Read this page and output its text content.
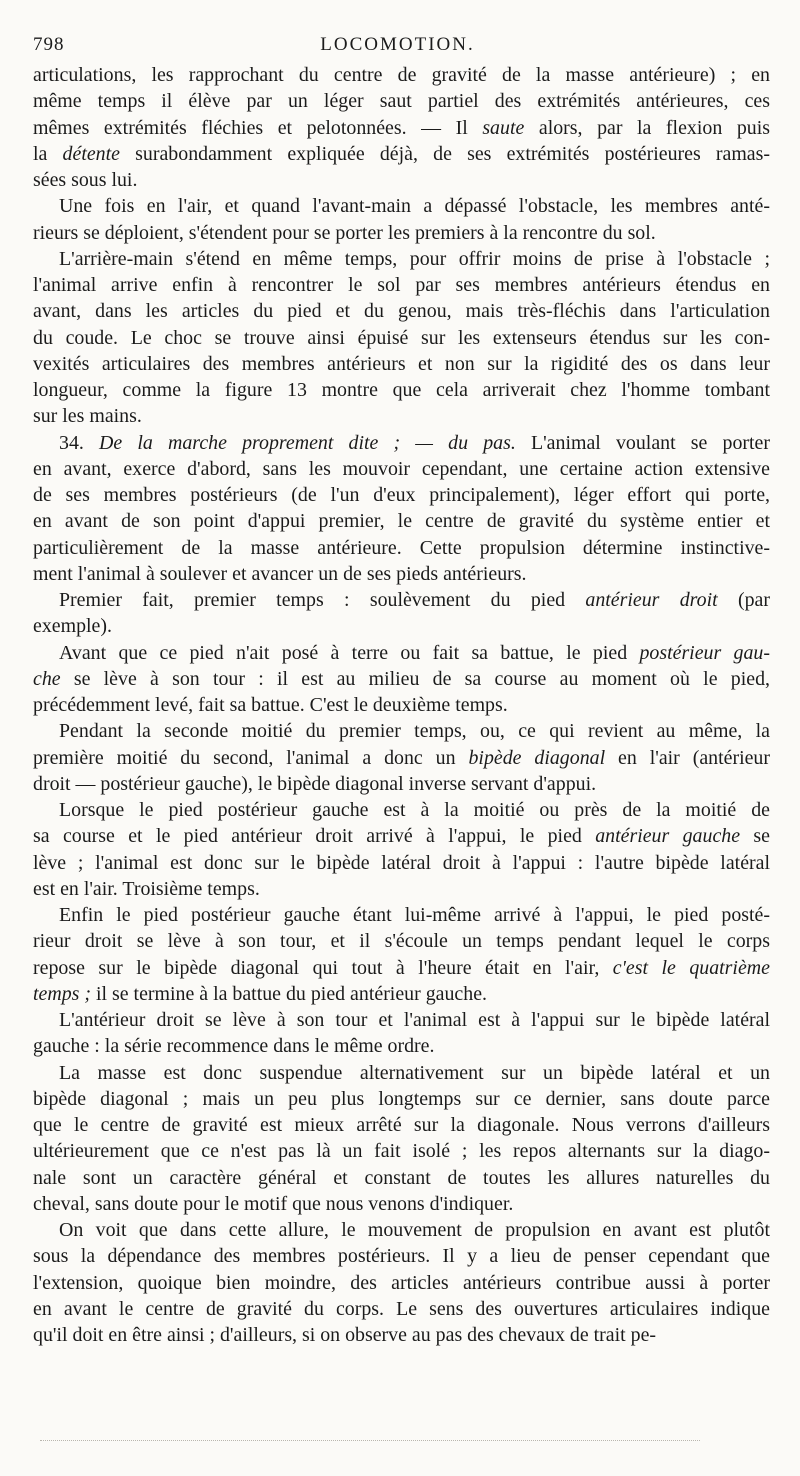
798	LOCOMOTION.
articulations, les rapprochant du centre de gravité de la masse antérieure) ; en
même temps il élève par un léger saut partiel des extrémités antérieures, ces
mêmes extrémités fléchies et pelotonnées. — Il saute alors, par la flexion puis
la détente surabondamment expliquée déjà, de ses extrémités postérieures ramas-
sées sous lui.
Une fois en l'air, et quand l'avant-main a dépassé l'obstacle, les membres anté-
rieurs se déploient, s'étendent pour se porter les premiers à la rencontre du sol.
L'arrière-main s'étend en même temps, pour offrir moins de prise à l'obstacle ;
l'animal arrive enfin à rencontrer le sol par ses membres antérieurs étendus en
avant, dans les articles du pied et du genou, mais très-fléchis dans l'articulation
du coude. Le choc se trouve ainsi épuisé sur les extenseurs étendus sur les con-
vexités articulaires des membres antérieurs et non sur la rigidité des os dans leur
longueur, comme la figure 13 montre que cela arriverait chez l'homme tombant
sur les mains.
34. De la marche proprement dite ; — du pas. L'animal voulant se porter
en avant, exerce d'abord, sans les mouvoir cependant, une certaine action extensive
de ses membres postérieurs (de l'un d'eux principalement), léger effort qui porte,
en avant de son point d'appui premier, le centre de gravité du système entier et
particulièrement de la masse antérieure. Cette propulsion détermine instinctive-
ment l'animal à soulever et avancer un de ses pieds antérieurs.
Premier fait, premier temps : soulèvement du pied antérieur droit (par
exemple).
Avant que ce pied n'ait posé à terre ou fait sa battue, le pied postérieur gau-
che se lève à son tour : il est au milieu de sa course au moment où le pied,
précédemment levé, fait sa battue. C'est le deuxième temps.
Pendant la seconde moitié du premier temps, ou, ce qui revient au même, la
première moitié du second, l'animal a donc un bipède diagonal en l'air (antérieur
droit — postérieur gauche), le bipède diagonal inverse servant d'appui.
Lorsque le pied postérieur gauche est à la moitié ou près de la moitié de
sa course et le pied antérieur droit arrivé à l'appui, le pied antérieur gauche se
lève ; l'animal est donc sur le bipède latéral droit à l'appui : l'autre bipède latéral
est en l'air. Troisième temps.
Enfin le pied postérieur gauche étant lui-même arrivé à l'appui, le pied posté-
rieur droit se lève à son tour, et il s'écoule un temps pendant lequel le corps
repose sur le bipède diagonal qui tout à l'heure était en l'air, c'est le quatrième
temps ; il se termine à la battue du pied antérieur gauche.
L'antérieur droit se lève à son tour et l'animal est à l'appui sur le bipède latéral
gauche : la série recommence dans le même ordre.
La masse est donc suspendue alternativement sur un bipède latéral et un
bipède diagonal ; mais un peu plus longtemps sur ce dernier, sans doute parce
que le centre de gravité est mieux arrêté sur la diagonale. Nous verrons d'ailleurs
ultérieurement que ce n'est pas là un fait isolé ; les repos alternants sur la diago-
nale sont un caractère général et constant de toutes les allures naturelles du
cheval, sans doute pour le motif que nous venons d'indiquer.
On voit que dans cette allure, le mouvement de propulsion en avant est plutôt
sous la dépendance des membres postérieurs. Il y a lieu de penser cependant que
l'extension, quoique bien moindre, des articles antérieurs contribue aussi à porter
en avant le centre de gravité du corps. Le sens des ouvertures articulaires indique
qu'il doit en être ainsi ; d'ailleurs, si on observe au pas des chevaux de trait pe-
